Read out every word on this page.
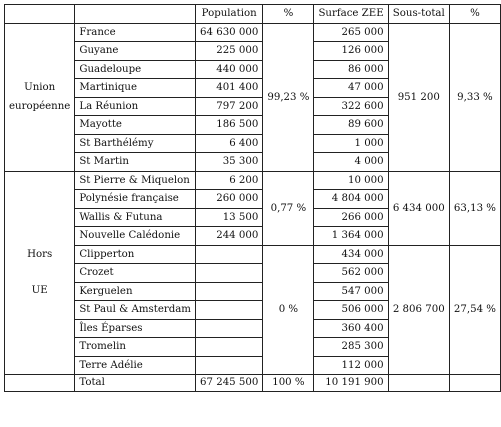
		Population	%	Surface ZEE	Sous-total	%

Union
européenne	France	64 630 000	99,23 %	265 000	951 200	9,33 %
	Guyane	225 000		126 000		
	Guadeloupe	440 000		86 000		
	Martinique	401 400		47 000		
	La Réunion	797 200		322 600		
	Mayotte	186 500		89 600		
	St Barthélémy	6 400		1 000		
	St Martin	35 300		4 000		

Hors
UE	St Pierre & Miquelon	6 200	0,77 %	10 000	6 434 000	63,13 %
	Polynésie française	260 000		4 804 000		
	Wallis & Futuna	13 500		266 000		
	Nouvelle Calédonie	244 000		1 364 000		
	Clipperton		0 %	434 000	2 806 700	27,54 %
	Crozet			562 000		
	Kerguelen			547 000		
	St Paul & Amsterdam			506 000		
	Îles Éparses			360 400		
	Tromelin			285 300		
	Terre Adélie			112 000		
	Total	67 245 500	100 %	10 191 900		
